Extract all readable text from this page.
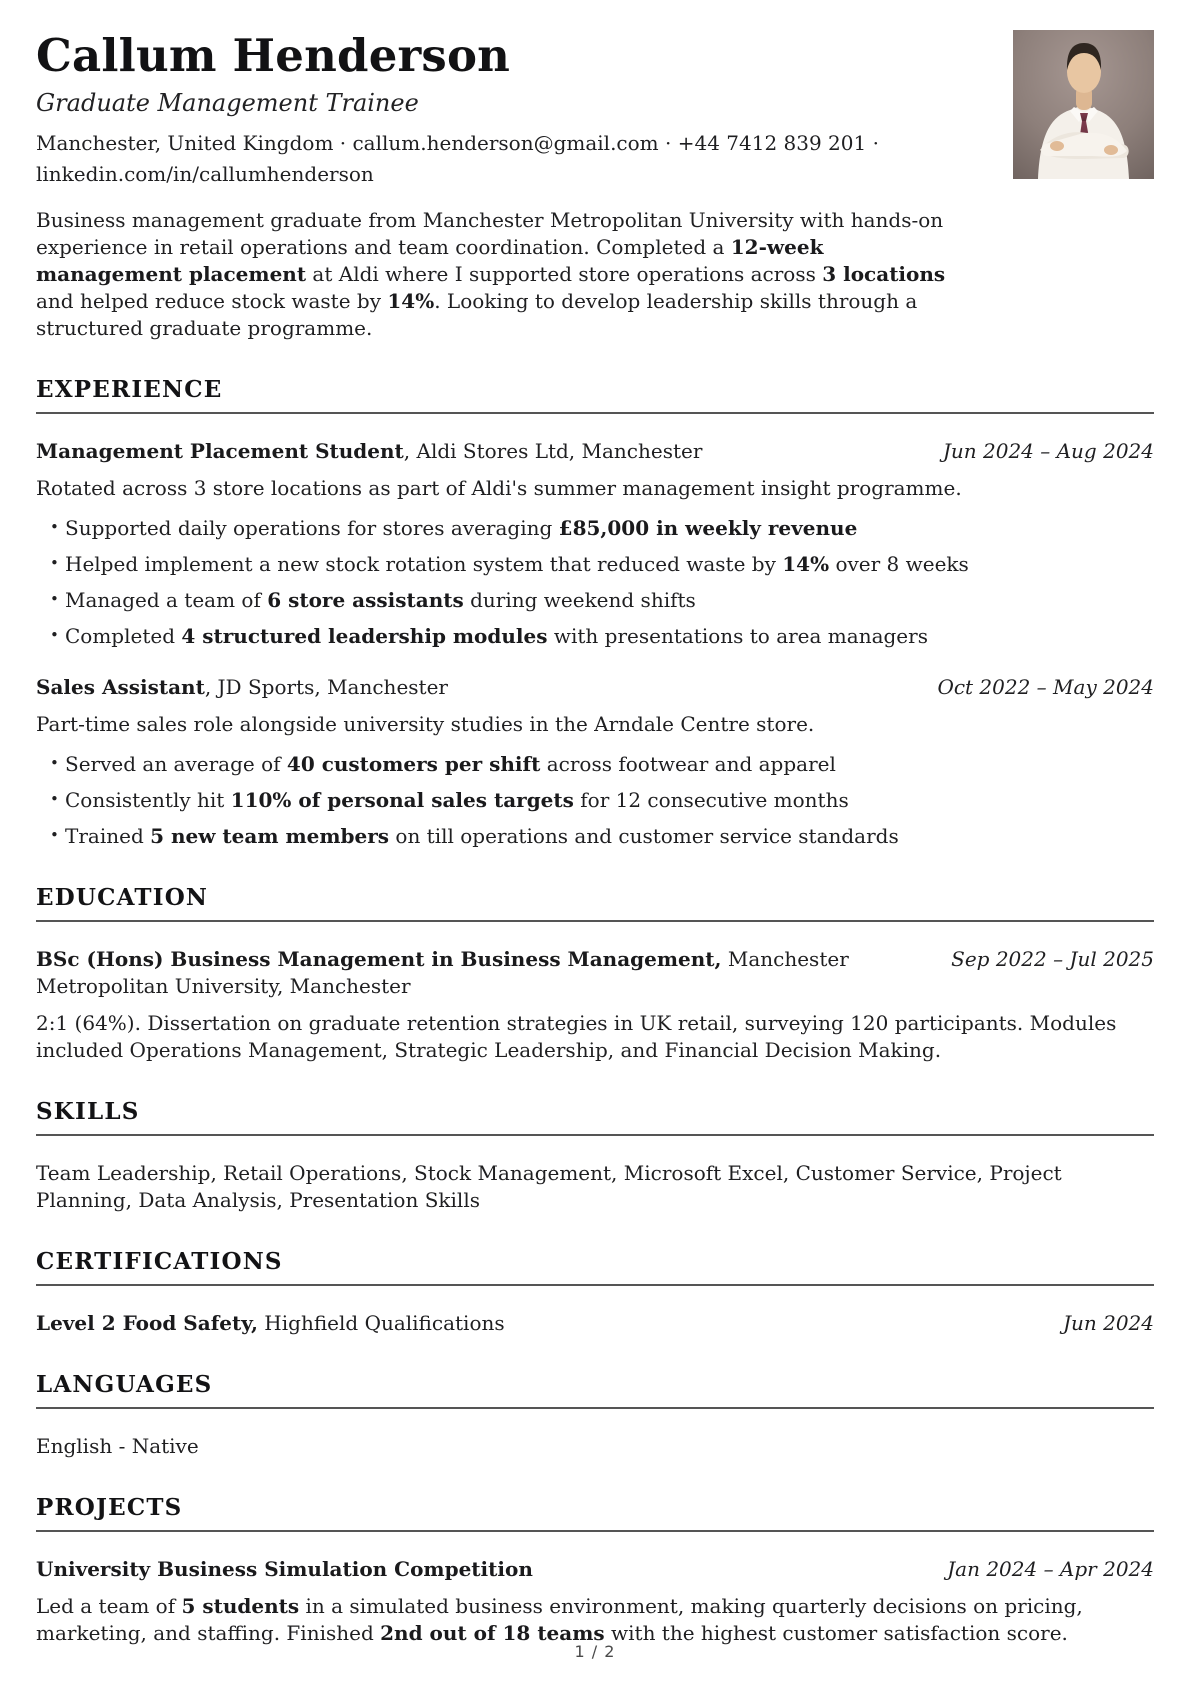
Callum Henderson
Graduate Management Trainee
Manchester, United Kingdom · callum.henderson@gmail.com · +44 7412 839 201 · linkedin.com/in/callumhenderson

Business management graduate from Manchester Metropolitan University with hands-on experience in retail operations and team coordination. Completed a 12-week management placement at Aldi where I supported store operations across 3 locations and helped reduce stock waste by 14%. Looking to develop leadership skills through a structured graduate programme.

EXPERIENCE
Management Placement Student, Aldi Stores Ltd, Manchester	Jun 2024 – Aug 2024

Rotated across 3 store locations as part of Aldi's summer management insight programme.

• Supported daily operations for stores averaging £85,000 in weekly revenue
• Helped implement a new stock rotation system that reduced waste by 14% over 8 weeks
• Managed a team of 6 store assistants during weekend shifts
• Completed 4 structured leadership modules with presentations to area managers
Sales Assistant, JD Sports, Manchester	Oct 2022 – May 2024

Part-time sales role alongside university studies in the Arndale Centre store.

• Served an average of 40 customers per shift across footwear and apparel
• Consistently hit 110% of personal sales targets for 12 consecutive months
• Trained 5 new team members on till operations and customer service standards
EDUCATION
BSc (Hons) Business Management in Business Management, Manchester Metropolitan University, Manchester
Sep 2022 – Jul 2025

2:1 (64%). Dissertation on graduate retention strategies in UK retail, surveying 120 participants. Modules included Operations Management, Strategic Leadership, and Financial Decision Making.

SKILLS

Team Leadership, Retail Operations, Stock Management, Microsoft Excel, Customer Service, Project Planning, Data Analysis, Presentation Skills

CERTIFICATIONS
Level 2 Food Safety, Highfield Qualifications	Jun 2024
LANGUAGES

English - Native

PROJECTS
University Business Simulation Competition	Jan 2024 – Apr 2024

Led a team of 5 students in a simulated business environment, making quarterly decisions on pricing, marketing, and staffing. Finished 2nd out of 18 teams with the highest customer satisfaction score.

1 / 2
